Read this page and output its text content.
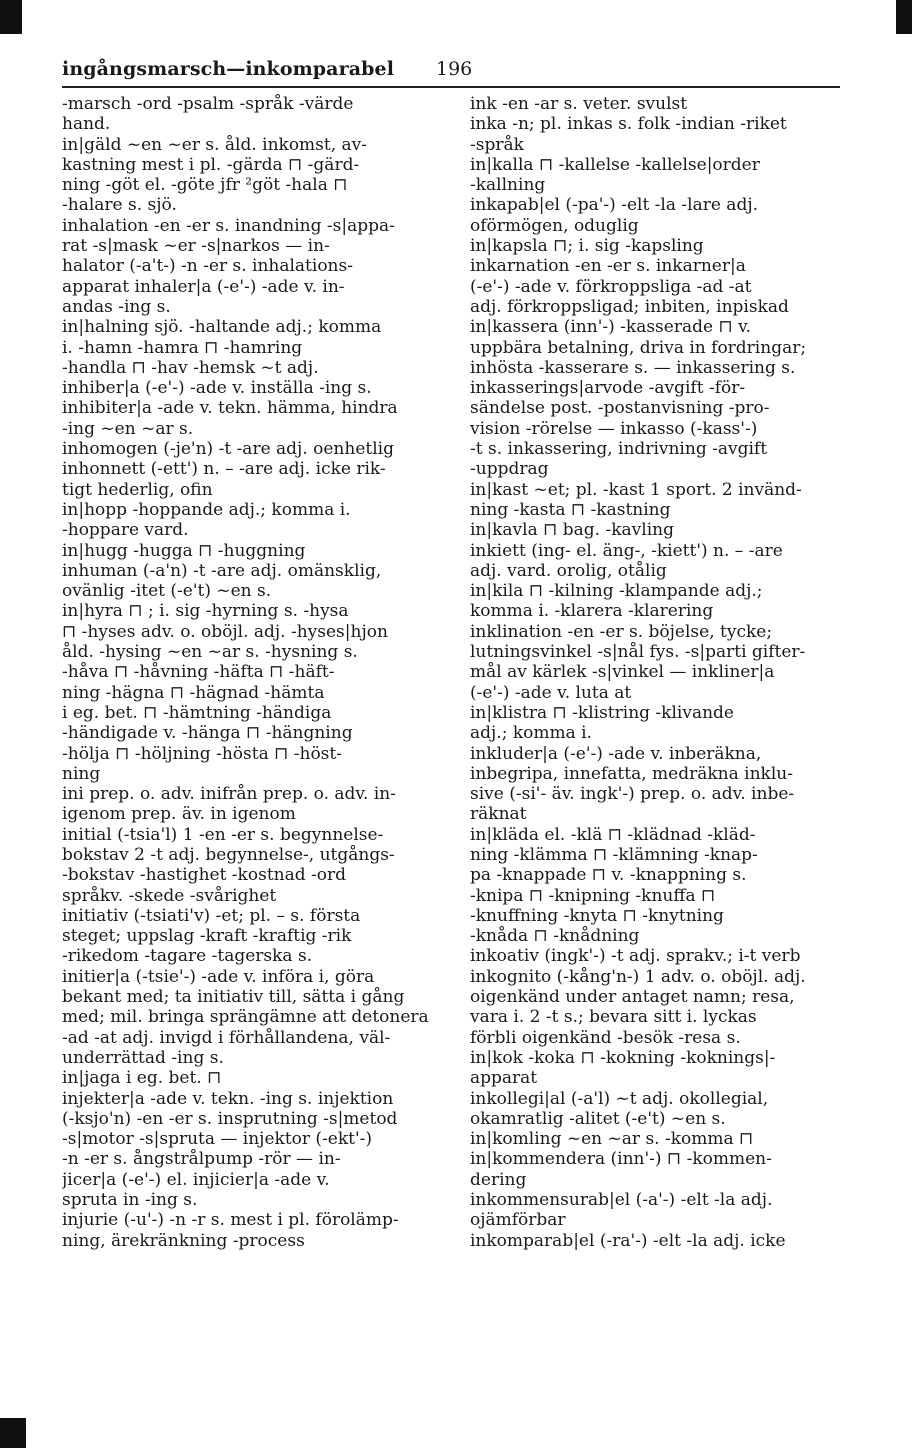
ingångsmarsch—inkomparabel 196
-marsch -ord -psalm -språk -värde
hand.
in|gäld ~en ~er s. åld. inkomst, av-
kastning mest i pl. -gärda ⊓ -gärd-
ning -göt el. -göte jfr ²göt -hala ⊓
-halare s. sjö.
inhalation -en -er s. inandning -s|appa-
rat -s|mask ~er -s|narkos — in-
halator (-a't-) -n -er s. inhalations-
apparat inhaler|a (-e'-) -ade v. in-
andas -ing s.
in|halning sjö. -haltande adj.; komma
i. -hamn -hamra ⊓ -hamring
-handla ⊓ -hav -hemsk ~t adj.
inhiber|a (-e'-) -ade v. inställa -ing s.
inhibiter|a -ade v. tekn. hämma, hindra
-ing ~en ~ar s.
inhomogen (-je'n) -t -are adj. oenhetlig
inhonnett (-ett') n. – -are adj. icke rik-
tigt hederlig, ofin
in|hopp -hoppande adj.; komma i.
-hoppare vard.
in|hugg -hugga ⊓ -huggning
inhuman (-a'n) -t -are adj. omänsklig,
ovänlig -itet (-e't) ~en s.
in|hyra ⊓ ; i. sig -hyrning s. -hysa
⊓ -hyses adv. o. oböjl. adj. -hyses|hjon
åld. -hysing ~en ~ar s. -hysning s.
-håva ⊓ -håvning -häfta ⊓ -häft-
ning -hägna ⊓ -hägnad -hämta
i eg. bet. ⊓ -hämtning -händiga
-händigade v. -hänga ⊓ -hängning
-hölja ⊓ -höljning -hösta ⊓ -höst-
ning
ini prep. o. adv. inifrån prep. o. adv. in-
igenom prep. äv. in igenom
initial (-tsia'l) 1 -en -er s. begynnelse-
bokstav 2 -t adj. begynnelse-, utgångs-
-bokstav -hastighet -kostnad -ord
språkv. -skede -svårighet
initiativ (-tsiati'v) -et; pl. – s. första
steget; uppslag -kraft -kraftig -rik
-rikedom -tagare -tagerska s.
initier|a (-tsie'-) -ade v. införa i, göra
bekant med; ta initiativ till, sätta i gång
med; mil. bringa sprängämne att detonera
-ad -at adj. invigd i förhållandena, väl-
underrättad -ing s.
in|jaga i eg. bet. ⊓
injekter|a -ade v. tekn. -ing s. injektion
(-ksjo'n) -en -er s. insprutning -s|metod
-s|motor -s|spruta — injektor (-ekt'-)
-n -er s. ångstrålpump -rör — in-
jicer|a (-e'-) el. injicier|a -ade v.
spruta in -ing s.
injurie (-u'-) -n -r s. mest i pl. förolämp-
ning, ärekränkning -process
ink -en -ar s. veter. svulst
inka -n; pl. inkas s. folk -indian -riket
-språk
in|kalla ⊓ -kallelse -kallelse|order
-kallning
inkapab|el (-pa'-) -elt -la -lare adj.
oförmögen, oduglig
in|kapsla ⊓; i. sig -kapsling
inkarnation -en -er s. inkarner|a
(-e'-) -ade v. förkroppsliga -ad -at
adj. förkroppsligad; inbiten, inpiskad
in|kassera (inn'-) -kasserade ⊓ v.
uppbära betalning, driva in fordringar;
inhösta -kasserare s. — inkassering s.
inkasserings|arvode -avgift -för-
sändelse post. -postanvisning -pro-
vision -rörelse — inkasso (-kass'-)
-t s. inkassering, indrivning -avgift
-uppdrag
in|kast ~et; pl. -kast 1 sport. 2 invänd-
ning -kasta ⊓ -kastning
in|kavla ⊓ bag. -kavling
inkiett (ing- el. äng-, -kiett') n. – -are
adj. vard. orolig, otålig
in|kila ⊓ -kilning -klampande adj.;
komma i. -klarera -klarering
inklination -en -er s. böjelse, tycke;
lutningsvinkel -s|nål fys. -s|parti gifter-
mål av kärlek -s|vinkel — inkliner|a
(-e'-) -ade v. luta at
in|klistra ⊓ -klistring -klivande
adj.; komma i.
inkluder|a (-e'-) -ade v. inberäkna,
inbegripa, innefatta, medräkna inklu-
sive (-si'- äv. ingk'-) prep. o. adv. inbe-
räknat
in|kläda el. -klä ⊓ -klädnad -kläd-
ning -klämma ⊓ -klämning -knap-
pa -knappade ⊓ v. -knappning s.
-knipa ⊓ -knipning -knuffa ⊓
-knuffning -knyta ⊓ -knytning
-knåda ⊓ -knådning
inkoativ (ingk'-) -t adj. sprakv.; i-t verb
inkognito (-kång'n-) 1 adv. o. oböjl. adj.
oigenkänd under antaget namn; resa,
vara i. 2 -t s.; bevara sitt i. lyckas
förbli oigenkänd -besök -resa s.
in|kok -koka ⊓ -kokning -koknings|-
apparat
inkollegi|al (-a'l) ~t adj. okollegial,
okamratlig -alitet (-e't) ~en s.
in|komling ~en ~ar s. -komma ⊓
in|kommendera (inn'-) ⊓ -kommen-
dering
inkommensurab|el (-a'-) -elt -la adj.
ojämförbar
inkomparab|el (-ra'-) -elt -la adj. icke
